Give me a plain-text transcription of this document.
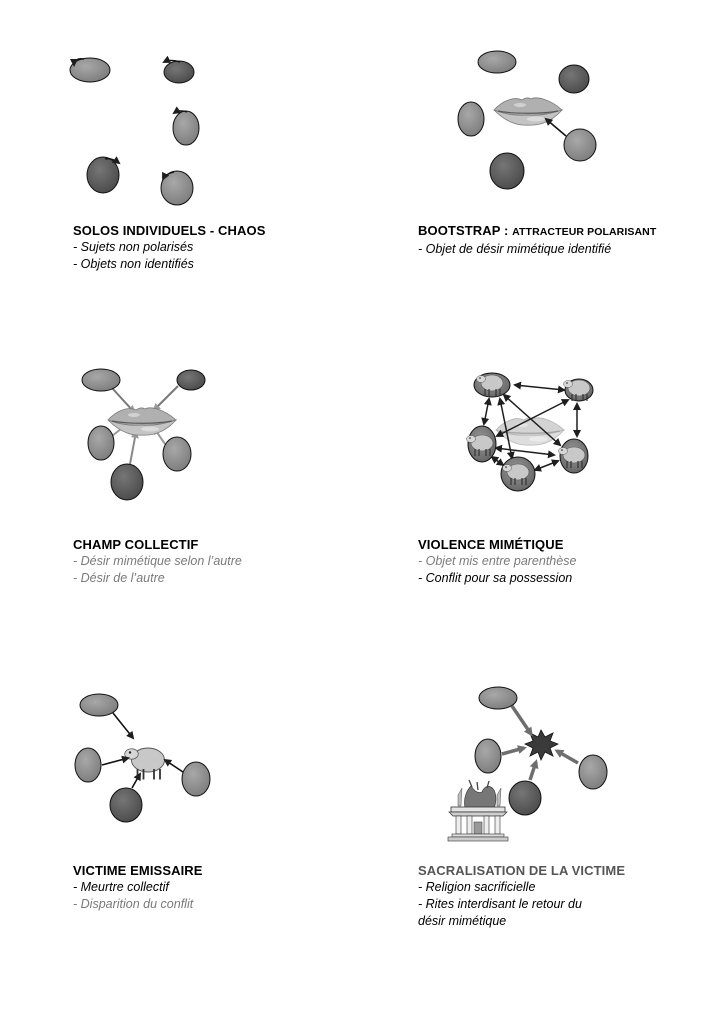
SOLOS INDIVIDUELS - CHAOS
- Sujets non polarisés
- Objets non identifiés
BOOTSTRAP : ATTRACTEUR POLARISANT
- Objet de désir mimétique identifié
CHAMP COLLECTIF
- Désir mimétique selon l’autre
- Désir de l’autre
VIOLENCE MIMÉTIQUE
- Objet mis entre parenthèse
- Conflit pour sa possession
VICTIME EMISSAIRE
- Meurtre collectif
- Disparition du conflit
SACRALISATION DE LA VICTIME
- Religion sacrificielle
- Rites interdisant le retour du
désir mimétique
